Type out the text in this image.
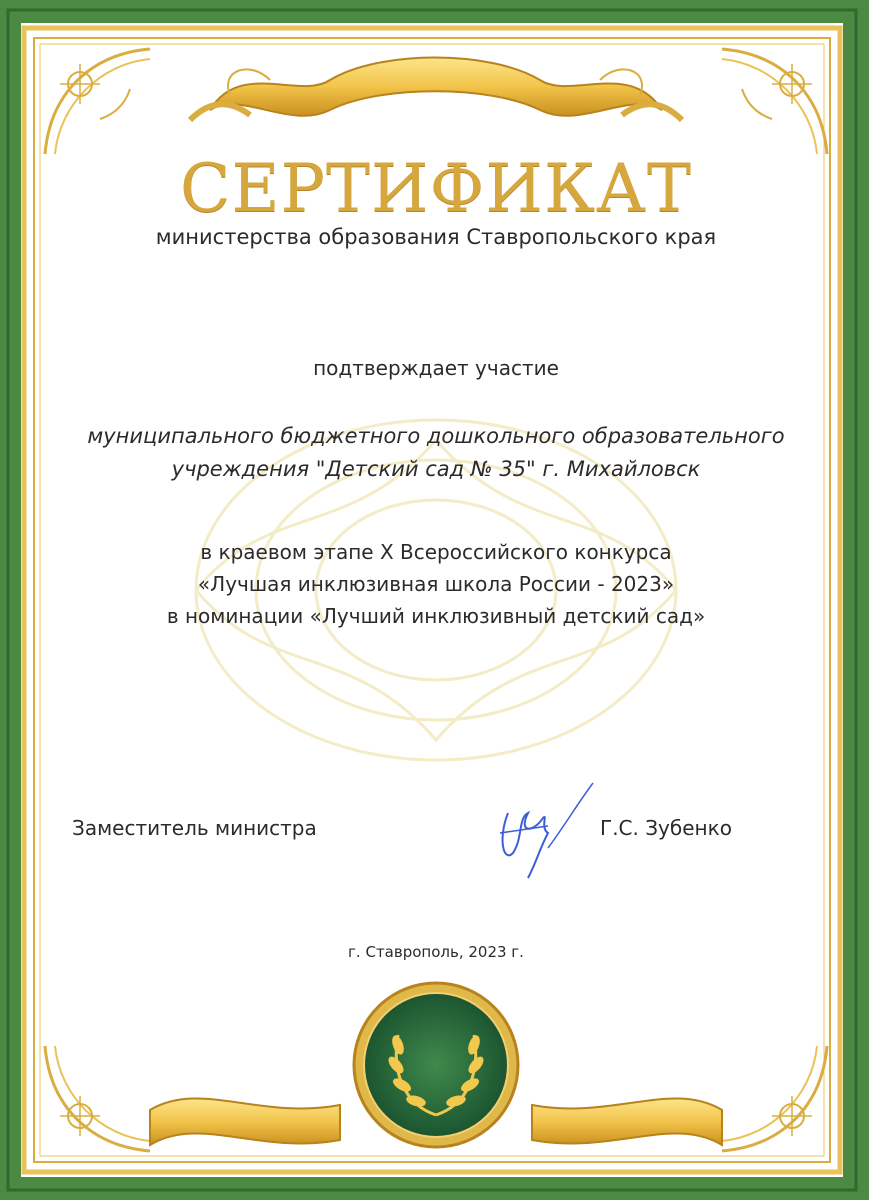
СЕРТИФИКАТ
министерства образования Ставропольского края
подтверждает участие
муниципального бюджетного дошкольного образовательного
учреждения "Детский сад № 35" г. Михайловск
в краевом этапе X Всероссийского конкурса
«Лучшая инклюзивная школа России - 2023»
в номинации «Лучший инклюзивный детский сад»
Заместитель министра	Г.С. Зубенко
г. Ставрополь, 2023 г.
